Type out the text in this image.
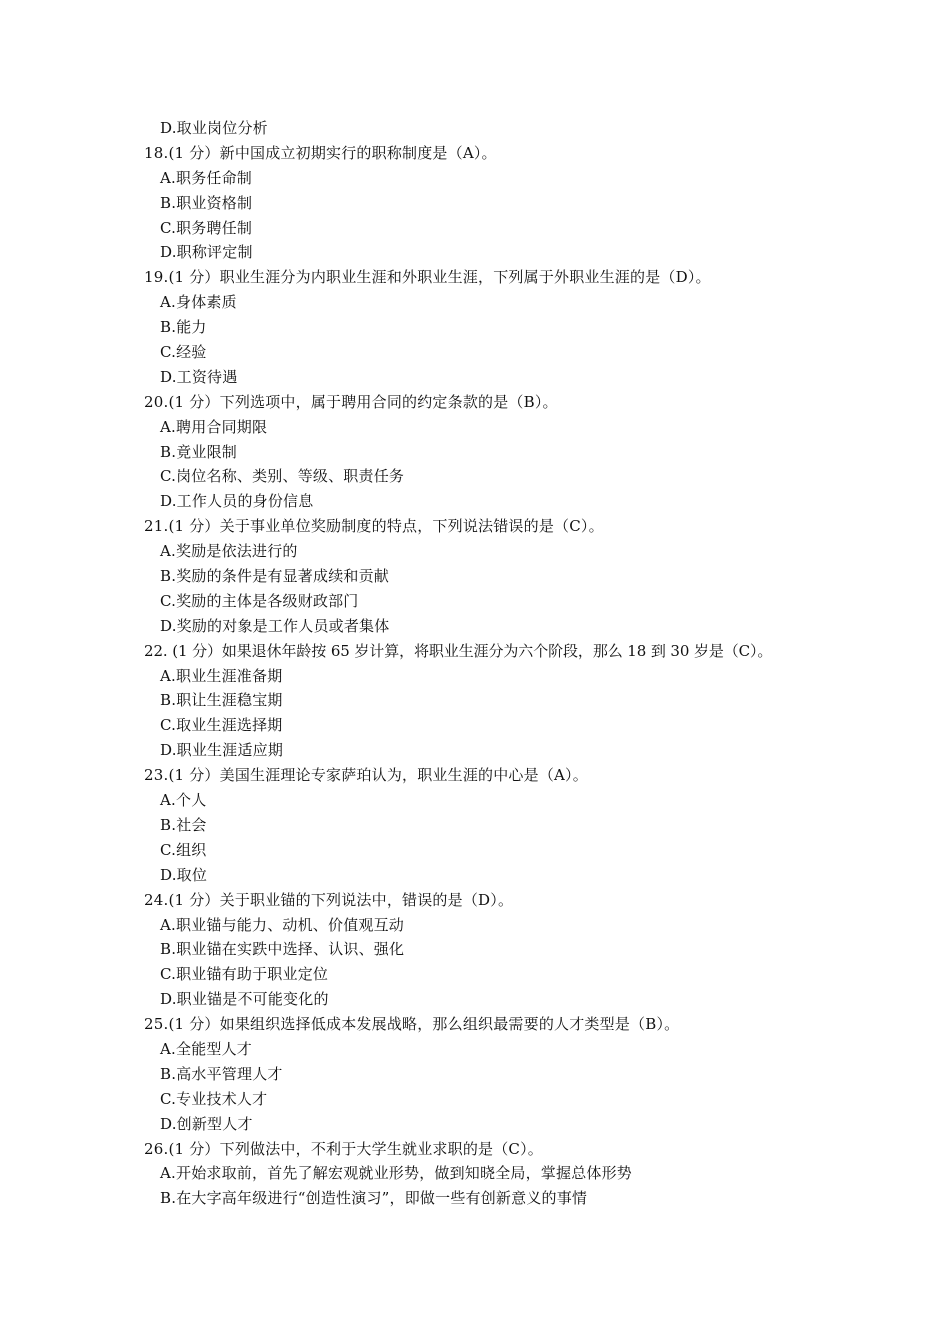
D.取业岗位分析
18.(1 分）新中国成立初期实行的职称制度是（A）。
A.职务任命制
B.职业资格制
C.职务聘任制
D.职称评定制
19.(1 分）职业生涯分为内职业生涯和外职业生涯，下列属于外职业生涯的是（D）。
A.身体素质
B.能力
C.经验
D.工资待遇
20.(1 分）下列选项中，属于聘用合同的约定条款的是（B）。
A.聘用合同期限
B.竟业限制
C.岗位名称、类别、等级、职责任务
D.工作人员的身份信息
21.(1 分）关于事业单位奖励制度的特点，下列说法错误的是（C）。
A.奖励是依法进行的
B.奖励的条件是有显著成续和贡献
C.奖励的主体是各级财政部门
D.奖励的对象是工作人员或者集体
22. (1 分）如果退休年龄按 65 岁计算，将职业生涯分为六个阶段，那么 18 到 30 岁是（C）。
A.职业生涯准备期
B.职让生涯稳宝期
C.取业生涯选择期
D.职业生涯适应期
23.(1 分）美国生涯理论专家萨珀认为，职业生涯的中心是（A）。
A.个人
B.社会
C.组织
D.取位
24.(1 分）关于职业锚的下列说法中，错误的是（D）。
A.职业锚与能力、动机、价值观互动
B.职业锚在实跌中选择、认识、强化
C.职业锚有助于职业定位
D.职业锚是不可能变化的
25.(1 分）如果组织选择低成本发展战略，那么组织最需要的人才类型是（B）。
A.全能型人才
B.高水平管理人才
C.专业技术人才
D.创新型人才
26.(1 分）下列做法中，不利于大学生就业求职的是（C）。
A.开始求取前，首先了解宏观就业形势，做到知晓全局，掌握总体形势
B.在大字高年级进行“创造性演习”，即做一些有创新意义的事情
